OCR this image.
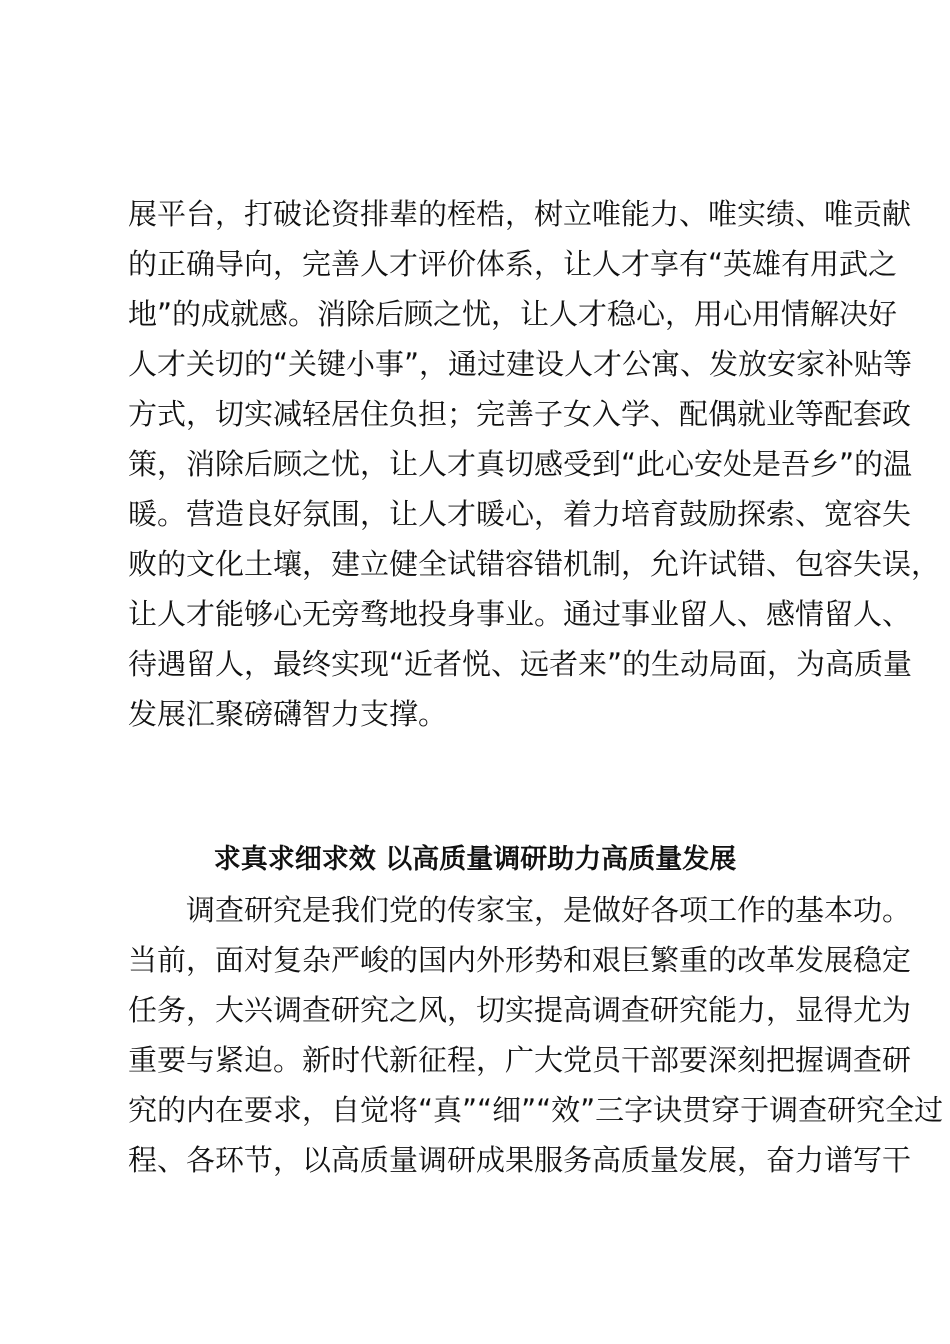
展平台，打破论资排辈的桎梏，树立唯能力、唯实绩、唯贡献
的正确导向，完善人才评价体系，让人才享有“英雄有用武之
地”的成就感。消除后顾之忧，让人才稳心，用心用情解决好
人才关切的“关键小事”，通过建设人才公寓、发放安家补贴等
方式，切实减轻居住负担；完善子女入学、配偶就业等配套政
策，消除后顾之忧，让人才真切感受到“此心安处是吾乡”的温
暖。营造良好氛围，让人才暖心，着力培育鼓励探索、宽容失
败的文化土壤，建立健全试错容错机制，允许试错、包容失误，
让人才能够心无旁骛地投身事业。通过事业留人、感情留人、
待遇留人，最终实现“近者悦、远者来”的生动局面，为高质量
发展汇聚磅礴智力支撑。
求真求细求效 以高质量调研助力高质量发展
调查研究是我们党的传家宝，是做好各项工作的基本功。
当前，面对复杂严峻的国内外形势和艰巨繁重的改革发展稳定
任务，大兴调查研究之风，切实提高调查研究能力，显得尤为
重要与紧迫。新时代新征程，广大党员干部要深刻把握调查研
究的内在要求，自觉将“真”“细”“效”三字诀贯穿于调查研究全过
程、各环节，以高质量调研成果服务高质量发展，奋力谱写干
